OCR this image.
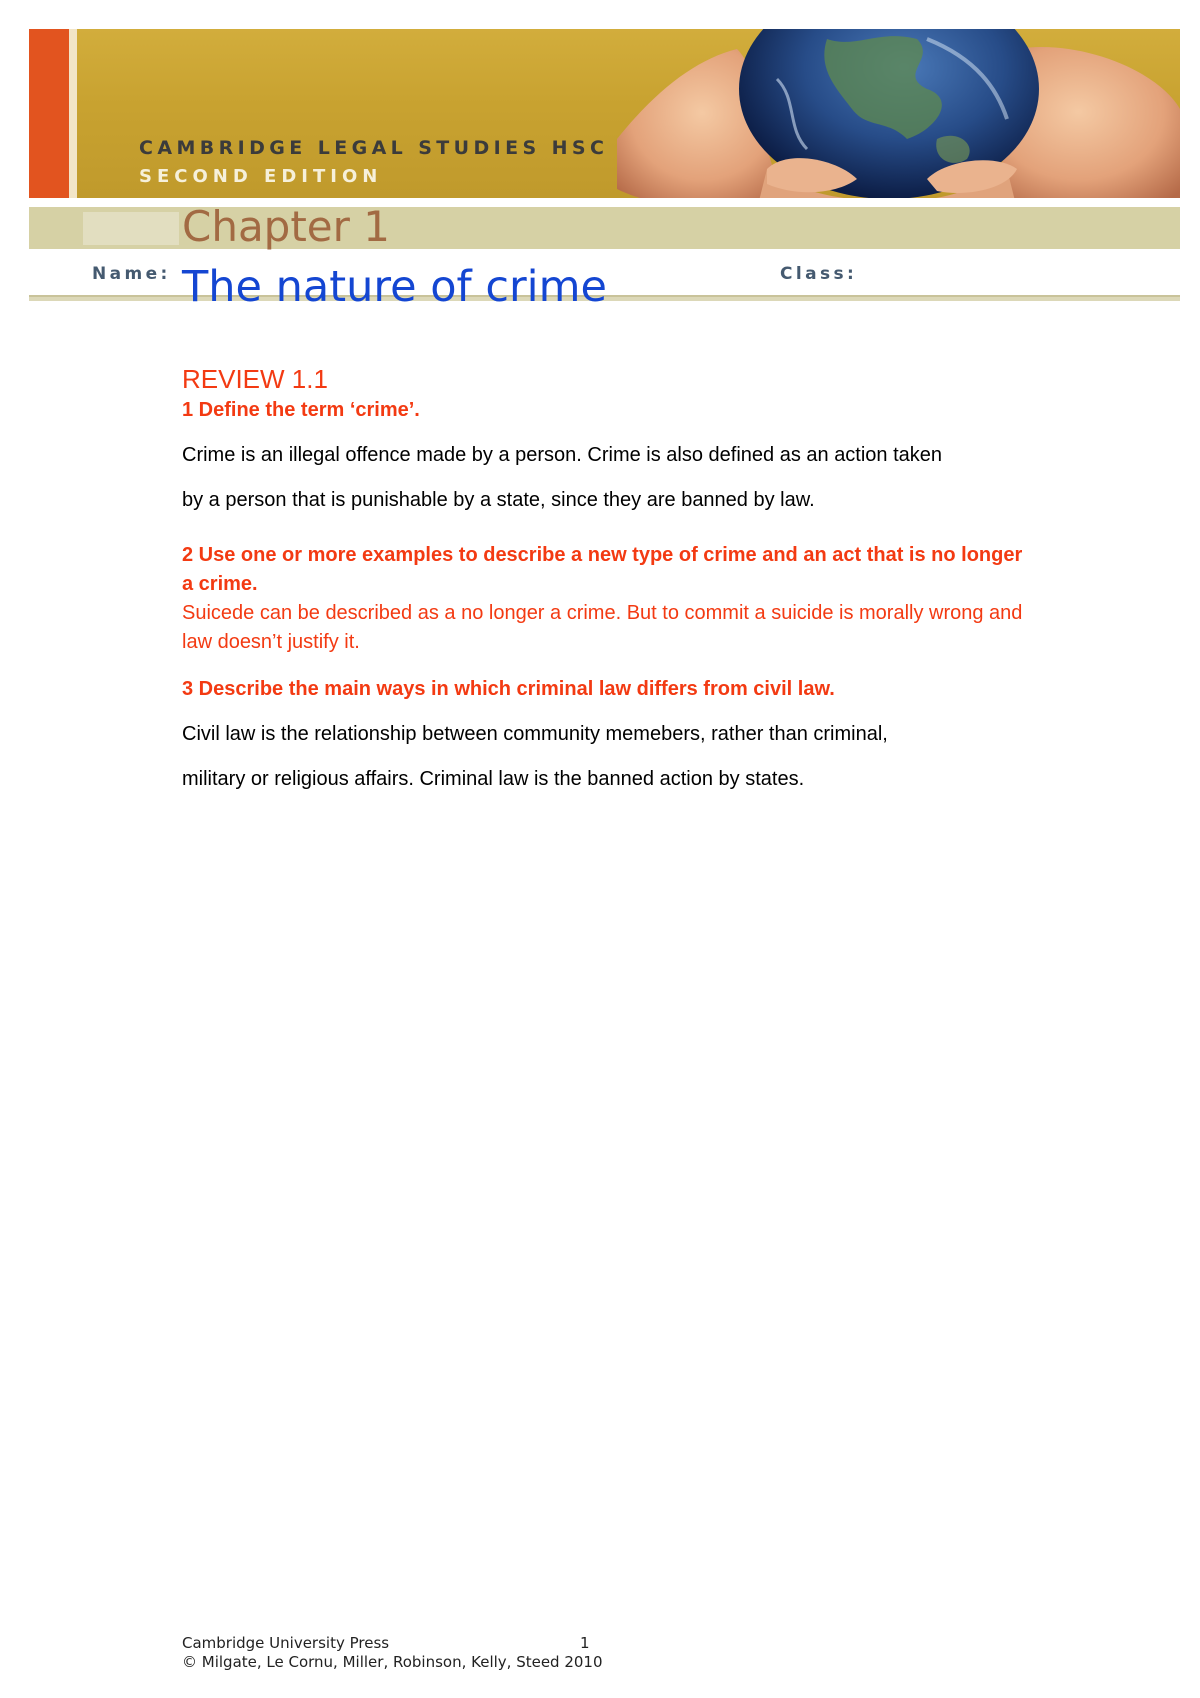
CAMBRIDGE LEGAL STUDIES HSC
SECOND EDITION
Chapter 1
Name:	Class:
The nature of crime
REVIEW 1.1
1 Define the term ‘crime’.
Crime is an illegal offence made by a person. Crime is also defined as an action taken
by a person that is punishable by a state, since they are banned by law.
2 Use one or more examples to describe a new type of crime and an act that is no longer a crime.
Suicede can be described as a no longer a crime. But to commit a suicide is morally wrong and law doesn’t justify it.
3 Describe the main ways in which criminal law differs from civil law.
Civil law is the relationship between community memebers, rather than criminal,
military or religious affairs. Criminal law is the banned action by states.
Cambridge University Press	1
© Milgate, Le Cornu, Miller, Robinson, Kelly, Steed 2010
